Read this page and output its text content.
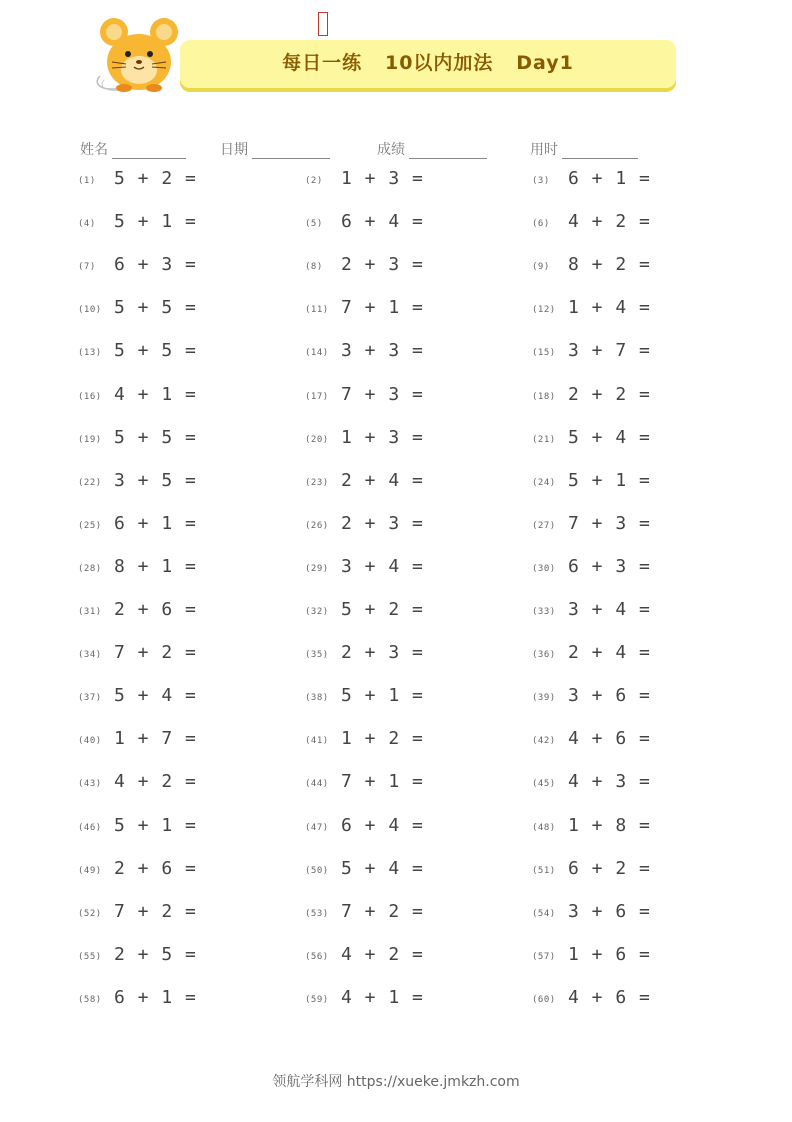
每日一练   10以内加法   Day1
姓名	日期	成绩	用时
(1) 5 + 2 =	(2) 1 + 3 =	(3) 6 + 1 =
(4) 5 + 1 =	(5) 6 + 4 =	(6) 4 + 2 =
(7) 6 + 3 =	(8) 2 + 3 =	(9) 8 + 2 =
(10) 5 + 5 =	(11) 7 + 1 =	(12) 1 + 4 =
(13) 5 + 5 =	(14) 3 + 3 =	(15) 3 + 7 =
(16) 4 + 1 =	(17) 7 + 3 =	(18) 2 + 2 =
(19) 5 + 5 =	(20) 1 + 3 =	(21) 5 + 4 =
(22) 3 + 5 =	(23) 2 + 4 =	(24) 5 + 1 =
(25) 6 + 1 =	(26) 2 + 3 =	(27) 7 + 3 =
(28) 8 + 1 =	(29) 3 + 4 =	(30) 6 + 3 =
(31) 2 + 6 =	(32) 5 + 2 =	(33) 3 + 4 =
(34) 7 + 2 =	(35) 2 + 3 =	(36) 2 + 4 =
(37) 5 + 4 =	(38) 5 + 1 =	(39) 3 + 6 =
(40) 1 + 7 =	(41) 1 + 2 =	(42) 4 + 6 =
(43) 4 + 2 =	(44) 7 + 1 =	(45) 4 + 3 =
(46) 5 + 1 =	(47) 6 + 4 =	(48) 1 + 8 =
(49) 2 + 6 =	(50) 5 + 4 =	(51) 6 + 2 =
(52) 7 + 2 =	(53) 7 + 2 =	(54) 3 + 6 =
(55) 2 + 5 =	(56) 4 + 2 =	(57) 1 + 6 =
(58) 6 + 1 =	(59) 4 + 1 =	(60) 4 + 6 =
领航学科网 https://xueke.jmkzh.com
